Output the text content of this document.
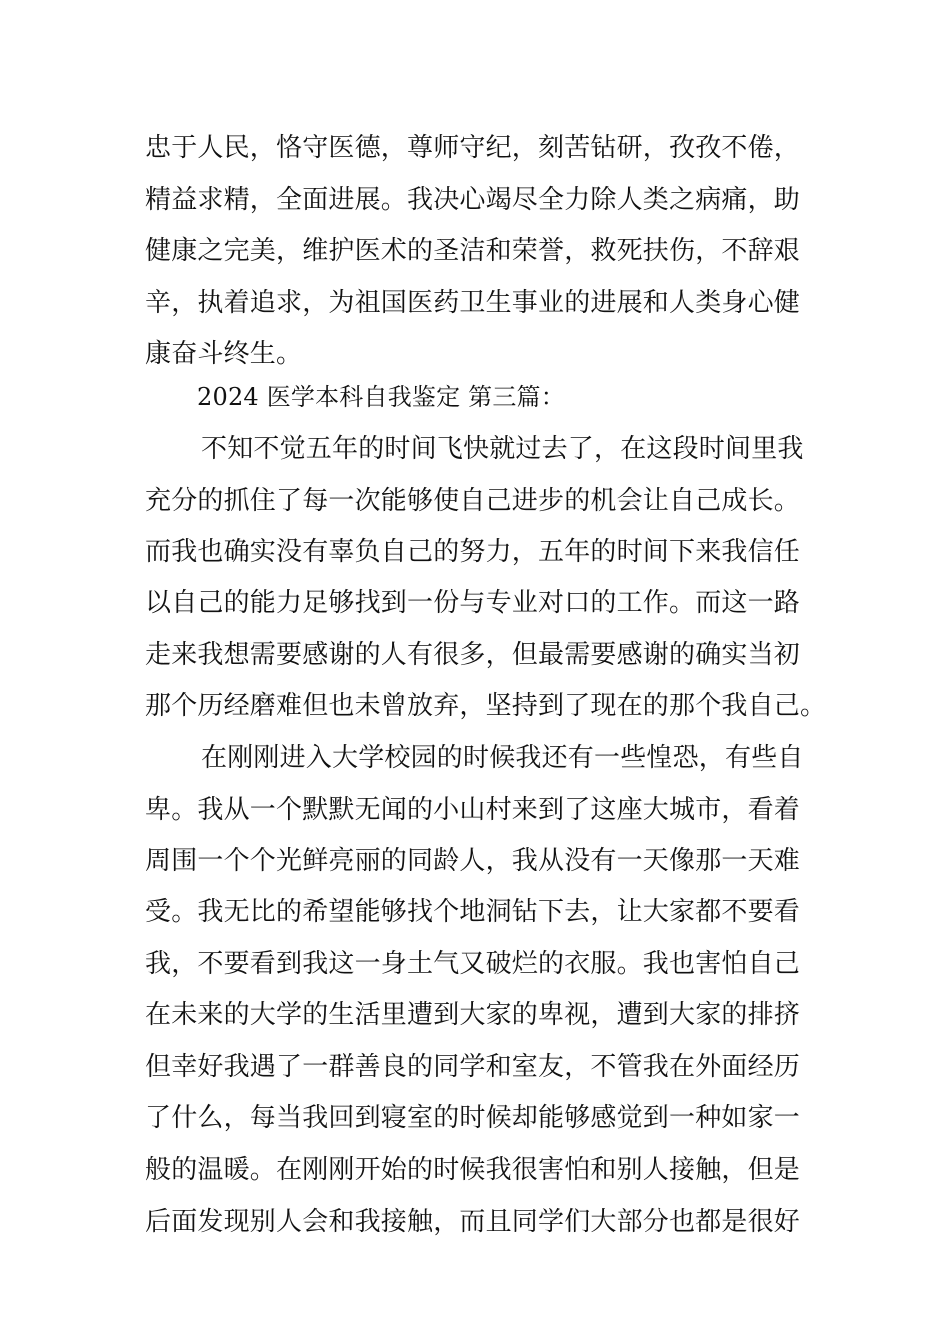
忠于人民，恪守医德，尊师守纪，刻苦钻研，孜孜不倦，
精益求精，全面进展。我决心竭尽全力除人类之病痛，助
健康之完美，维护医术的圣洁和荣誉，救死扶伤，不辞艰
辛，执着追求，为祖国医药卫生事业的进展和人类身心健
康奋斗终生。
2024 医学本科自我鉴定 第三篇：
不知不觉五年的时间飞快就过去了，在这段时间里我
充分的抓住了每一次能够使自己进步的机会让自己成长。
而我也确实没有辜负自己的努力，五年的时间下来我信任
以自己的能力足够找到一份与专业对口的工作。而这一路
走来我想需要感谢的人有很多，但最需要感谢的确实当初
那个历经磨难但也未曾放弃，坚持到了现在的那个我自己。
在刚刚进入大学校园的时候我还有一些惶恐，有些自
卑。我从一个默默无闻的小山村来到了这座大城市，看着
周围一个个光鲜亮丽的同龄人，我从没有一天像那一天难
受。我无比的希望能够找个地洞钻下去，让大家都不要看
我，不要看到我这一身土气又破烂的衣服。我也害怕自己
在未来的大学的生活里遭到大家的卑视，遭到大家的排挤
但幸好我遇了一群善良的同学和室友，不管我在外面经历
了什么，每当我回到寝室的时候却能够感觉到一种如家一
般的温暖。在刚刚开始的时候我很害怕和别人接触，但是
后面发现别人会和我接触，而且同学们大部分也都是很好
